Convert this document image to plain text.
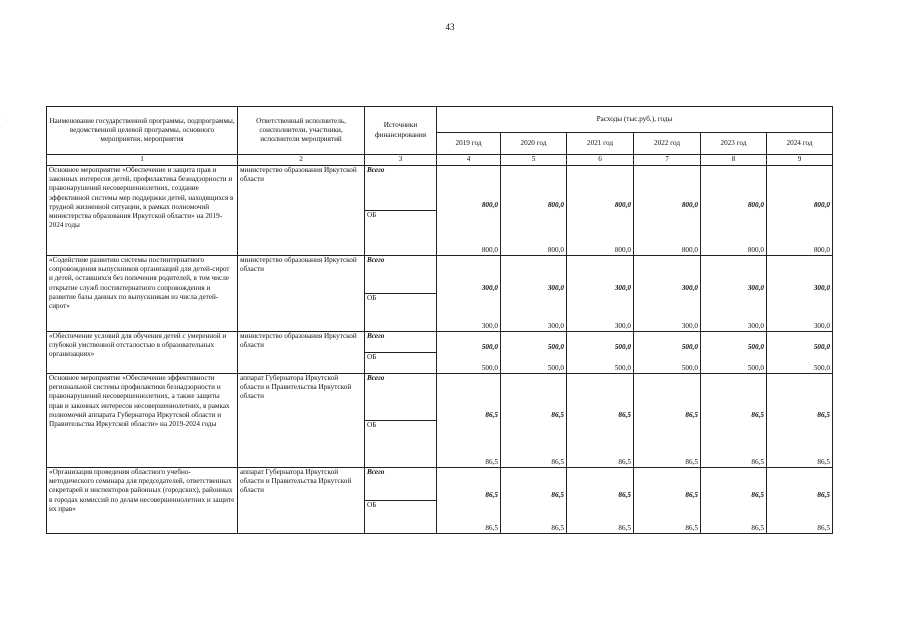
43
·	Наименование государственной программы, подпрограммы, ведомственной целевой программы, основного мероприятия, мероприятия	Ответственный исполнитель, соисполнители, участники, исполнители мероприятий	Источники финансирования	Расходы (тыс.руб.), годы					
			2019 год	2020 год	2021 год	2022 год	2023 год	2024 год
1	2	3	4	5	6	7	8	9
Основное мероприятие «Обеспечение и защита прав и законных интересов детей, профилактика безнадзорности и правонарушений несовершеннолетних, создание эффективной системы мер поддержки детей, находящихся в трудной жизненной ситуации, в рамках полномочий министерства образования Иркутской области» на 2019-2024 годы	министерство образования Иркутской области	Всего	800,0	800,0	800,0	800,0	800,0	800,0
		ОБ	800,0	800,0	800,0	800,0	800,0	800,0
«Содействие развитию системы постинтернатного сопровождения выпускников организаций для детей-сирот и детей, оставшихся без попечения родителей, в том числе открытие служб постинтернатного сопровождения и развитие базы данных по выпускникам из числа детей-сирот»	министерство образования Иркутской области	Всего	300,0	300,0	300,0	300,0	300,0	300,0
		ОБ	300,0	300,0	300,0	300,0	300,0	300,0
«Обеспечение условий для обучения детей с умеренной и глубокой умственной отсталостью в образовательных организациях»	министерство образования Иркутской области	Всего	500,0	500,0	500,0	500,0	500,0	500,0
		ОБ	500,0	500,0	500,0	500,0	500,0	500,0
Основное мероприятие «Обеспечение эффективности региональной системы профилактики безнадзорности и правонарушений несовершеннолетних, а также защиты прав и законных интересов несовершеннолетних, в рамках полномочий аппарата Губернатора Иркутской области и Правительства Иркутской области» на 2019-2024 годы	аппарат Губернатора Иркутской области и Правительства Иркутской области	Всего	86,5	86,5	86,5	86,5	86,5	86,5
		ОБ	86,5	86,5	86,5	86,5	86,5	86,5
«Организация проведения областного учебно-методического семинара для председателей, ответственных секретарей и инспекторов районных (городских), районных в городах комиссий по делам несовершеннолетних и защите их прав»	аппарат Губернатора Иркутской области и Правительства Иркутской области	Всего	86,5	86,5	86,5	86,5	86,5	86,5
		ОБ	86,5	86,5	86,5	86,5	86,5	86,5
